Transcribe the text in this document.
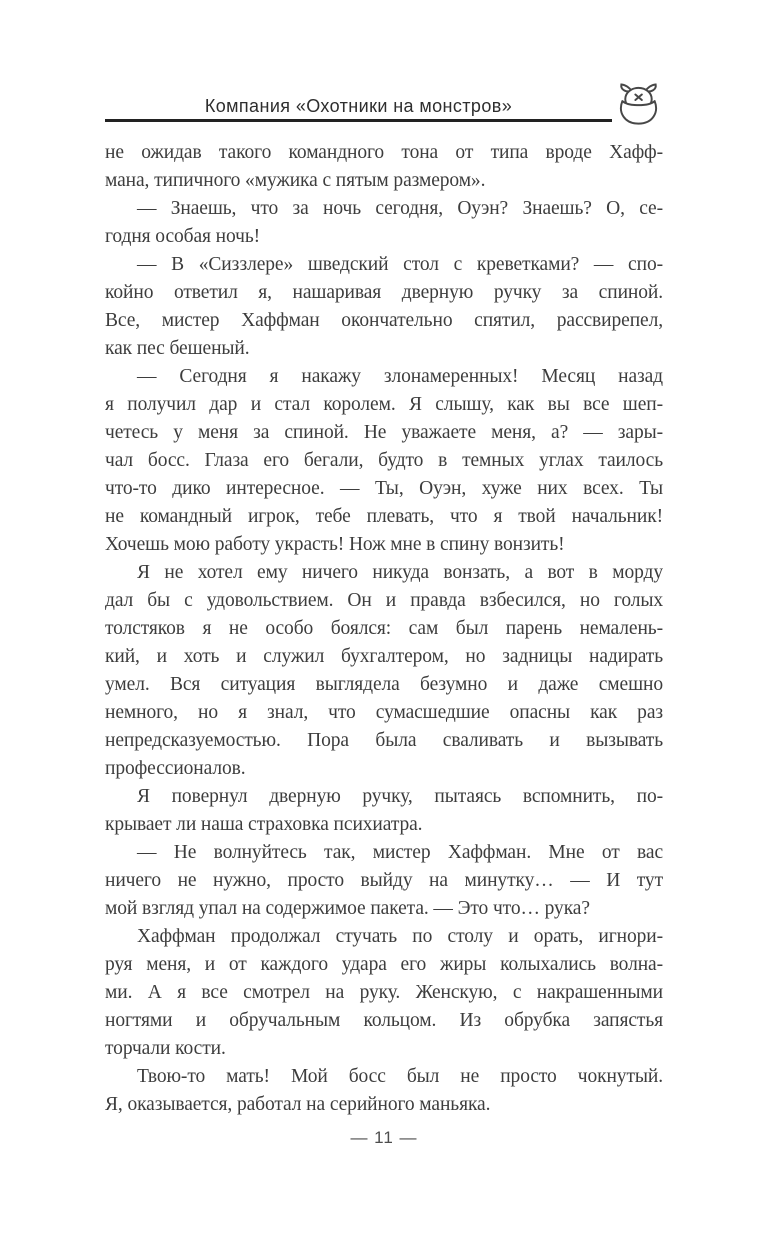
Компания «Охотники на монстров»
не ожидав такого командного тона от типа вроде Хафф-
мана, типичного «мужика с пятым размером».
— Знаешь, что за ночь сегодня, Оуэн? Знаешь? О, се-
годня особая ночь!
— В «Сиззлере» шведский стол с креветками? — спо-
койно ответил я, нашаривая дверную ручку за спиной.
Все, мистер Хаффман окончательно спятил, рассвирепел,
как пес бешеный.
— Сегодня я накажу злонамеренных! Месяц назад
я получил дар и стал королем. Я слышу, как вы все шеп-
четесь у меня за спиной. Не уважаете меня, а? — зары-
чал босс. Глаза его бегали, будто в темных углах таилось
что-то дико интересное. — Ты, Оуэн, хуже них всех. Ты
не командный игрок, тебе плевать, что я твой начальник!
Хочешь мою работу украсть! Нож мне в спину вонзить!
Я не хотел ему ничего никуда вонзать, а вот в морду
дал бы с удовольствием. Он и правда взбесился, но голых
толстяков я не особо боялся: сам был парень немалень-
кий, и хоть и служил бухгалтером, но задницы надирать
умел. Вся ситуация выглядела безумно и даже смешно
немного, но я знал, что сумасшедшие опасны как раз
непредсказуемостью. Пора была сваливать и вызывать
профессионалов.
Я повернул дверную ручку, пытаясь вспомнить, по-
крывает ли наша страховка психиатра.
— Не волнуйтесь так, мистер Хаффман. Мне от вас
ничего не нужно, просто выйду на минутку… — И тут
мой взгляд упал на содержимое пакета. — Это что… рука?
Хаффман продолжал стучать по столу и орать, игнори-
руя меня, и от каждого удара его жиры колыхались волна-
ми. А я все смотрел на руку. Женскую, с накрашенными
ногтями и обручальным кольцом. Из обрубка запястья
торчали кости.
Твою-то мать! Мой босс был не просто чокнутый.
Я, оказывается, работал на серийного маньяка.
— 11 —
